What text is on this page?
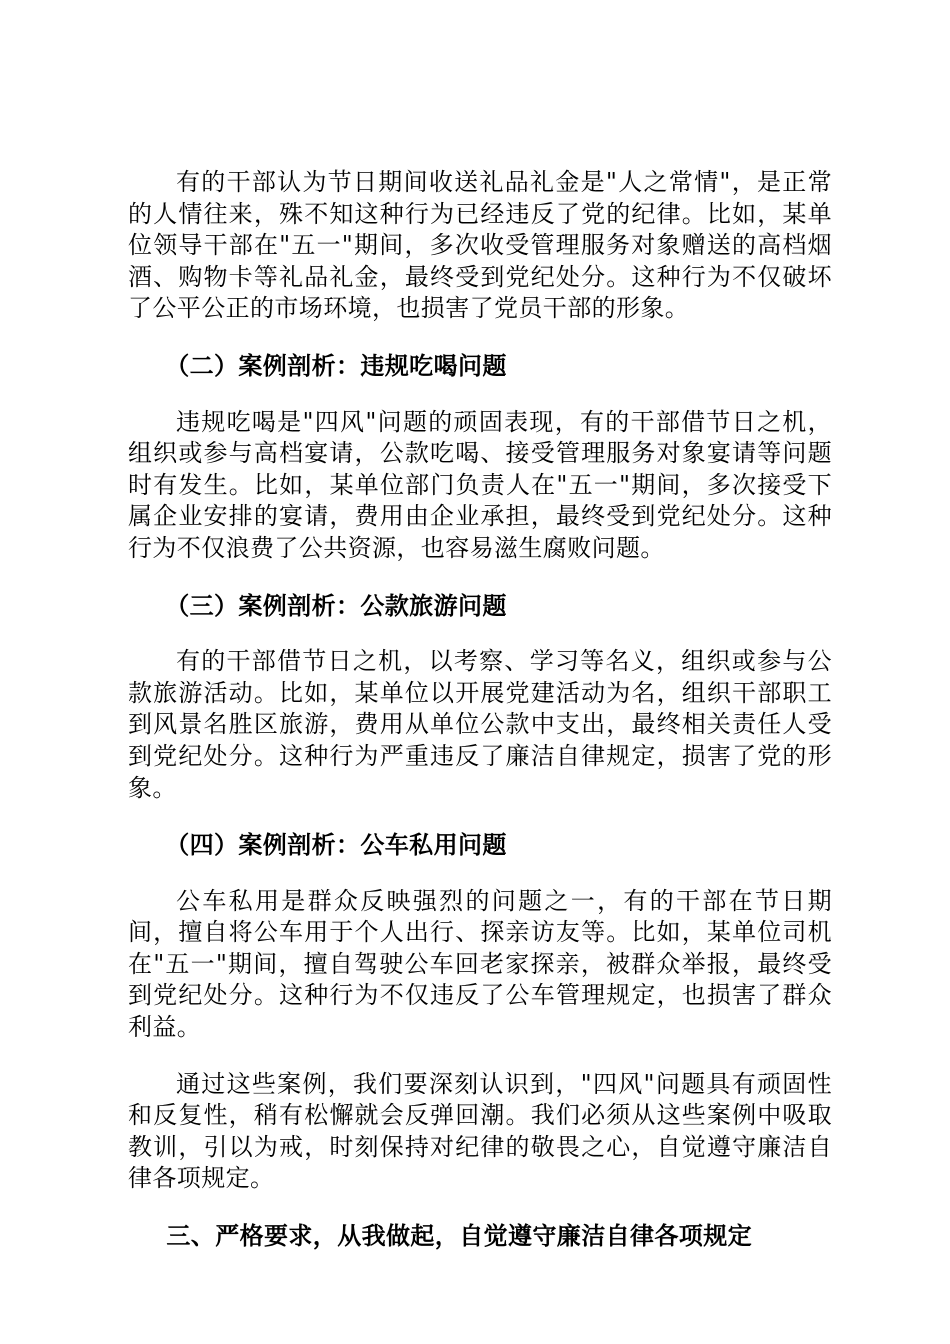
有的干部认为节日期间收送礼品礼金是"人之常情"，是正常的人情往来，殊不知这种行为已经违反了党的纪律。比如，某单位领导干部在"五一"期间，多次收受管理服务对象赠送的高档烟酒、购物卡等礼品礼金，最终受到党纪处分。这种行为不仅破坏了公平公正的市场环境，也损害了党员干部的形象。

（二）案例剖析：违规吃喝问题

违规吃喝是"四风"问题的顽固表现，有的干部借节日之机，组织或参与高档宴请，公款吃喝、接受管理服务对象宴请等问题时有发生。比如，某单位部门负责人在"五一"期间，多次接受下属企业安排的宴请，费用由企业承担，最终受到党纪处分。这种行为不仅浪费了公共资源，也容易滋生腐败问题。

（三）案例剖析：公款旅游问题

有的干部借节日之机，以考察、学习等名义，组织或参与公款旅游活动。比如，某单位以开展党建活动为名，组织干部职工到风景名胜区旅游，费用从单位公款中支出，最终相关责任人受到党纪处分。这种行为严重违反了廉洁自律规定，损害了党的形象。

（四）案例剖析：公车私用问题

公车私用是群众反映强烈的问题之一，有的干部在节日期间，擅自将公车用于个人出行、探亲访友等。比如，某单位司机在"五一"期间，擅自驾驶公车回老家探亲，被群众举报，最终受到党纪处分。这种行为不仅违反了公车管理规定，也损害了群众利益。

通过这些案例，我们要深刻认识到，"四风"问题具有顽固性和反复性，稍有松懈就会反弹回潮。我们必须从这些案例中吸取教训，引以为戒，时刻保持对纪律的敬畏之心，自觉遵守廉洁自律各项规定。

三、严格要求，从我做起，自觉遵守廉洁自律各项规定
